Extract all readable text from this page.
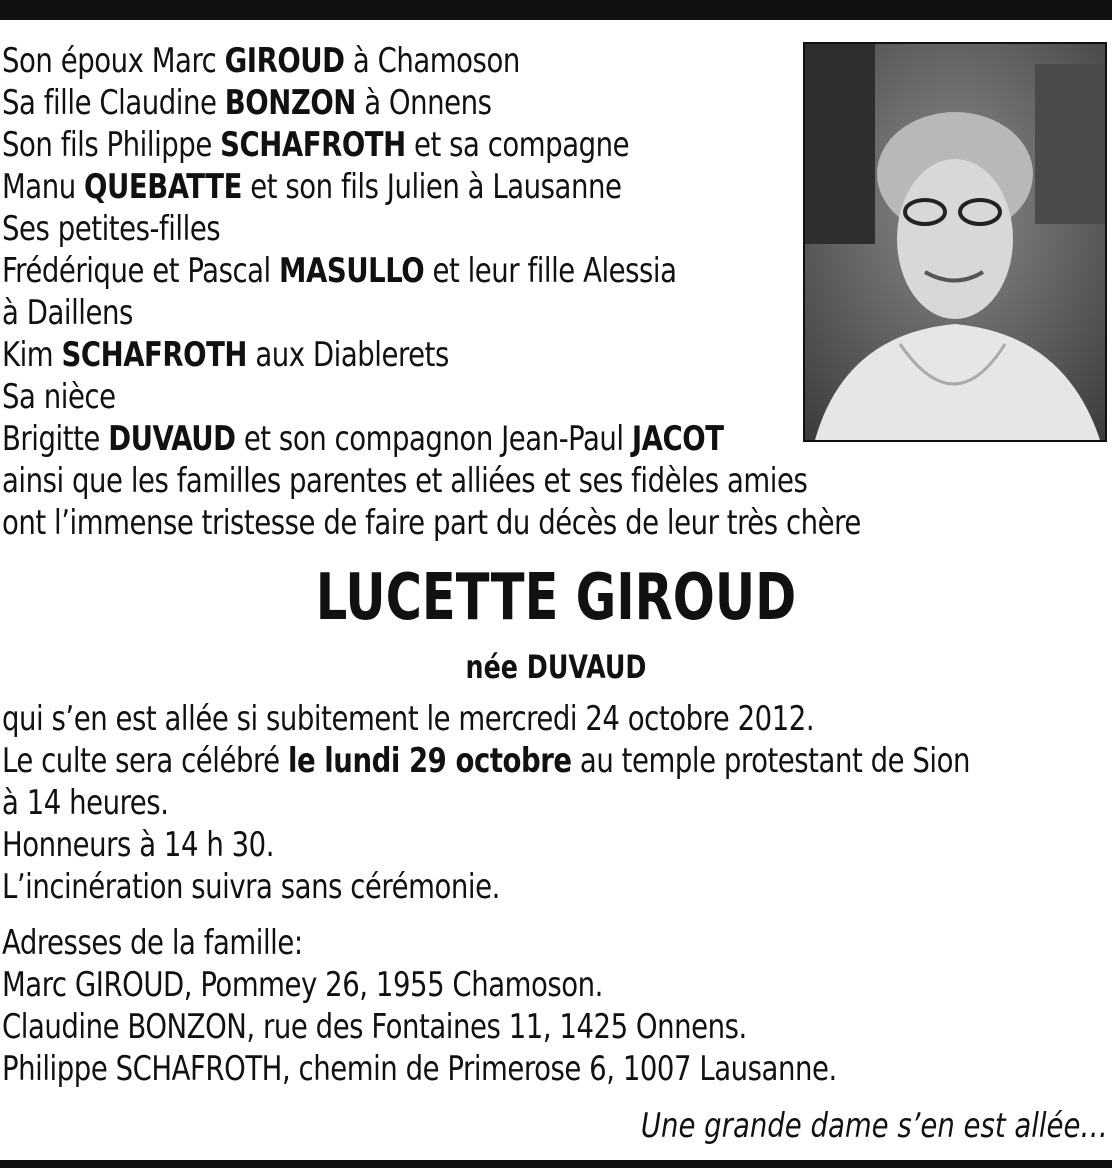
Son époux Marc GIROUD à Chamoson
Sa fille Claudine BONZON à Onnens
Son fils Philippe SCHAFROTH et sa compagne
Manu QUEBATTE et son fils Julien à Lausanne
Ses petites-filles
Frédérique et Pascal MASULLO et leur fille Alessia
à Daillens
Kim SCHAFROTH aux Diablerets
Sa nièce
Brigitte DUVAUD et son compagnon Jean-Paul JACOT
ainsi que les familles parentes et alliées et ses fidèles amies
ont l’immense tristesse de faire part du décès de leur très chère
LUCETTE GIROUD
née DUVAUD
qui s’en est allée si subitement le mercredi 24 octobre 2012.
Le culte sera célébré le lundi 29 octobre au temple protestant de Sion
à 14 heures.
Honneurs à 14 h 30.
L’incinération suivra sans cérémonie.
Adresses de la famille:
Marc GIROUD, Pommey 26, 1955 Chamoson.
Claudine BONZON, rue des Fontaines 11, 1425 Onnens.
Philippe SCHAFROTH, chemin de Primerose 6, 1007 Lausanne.
Une grande dame s’en est allée…
